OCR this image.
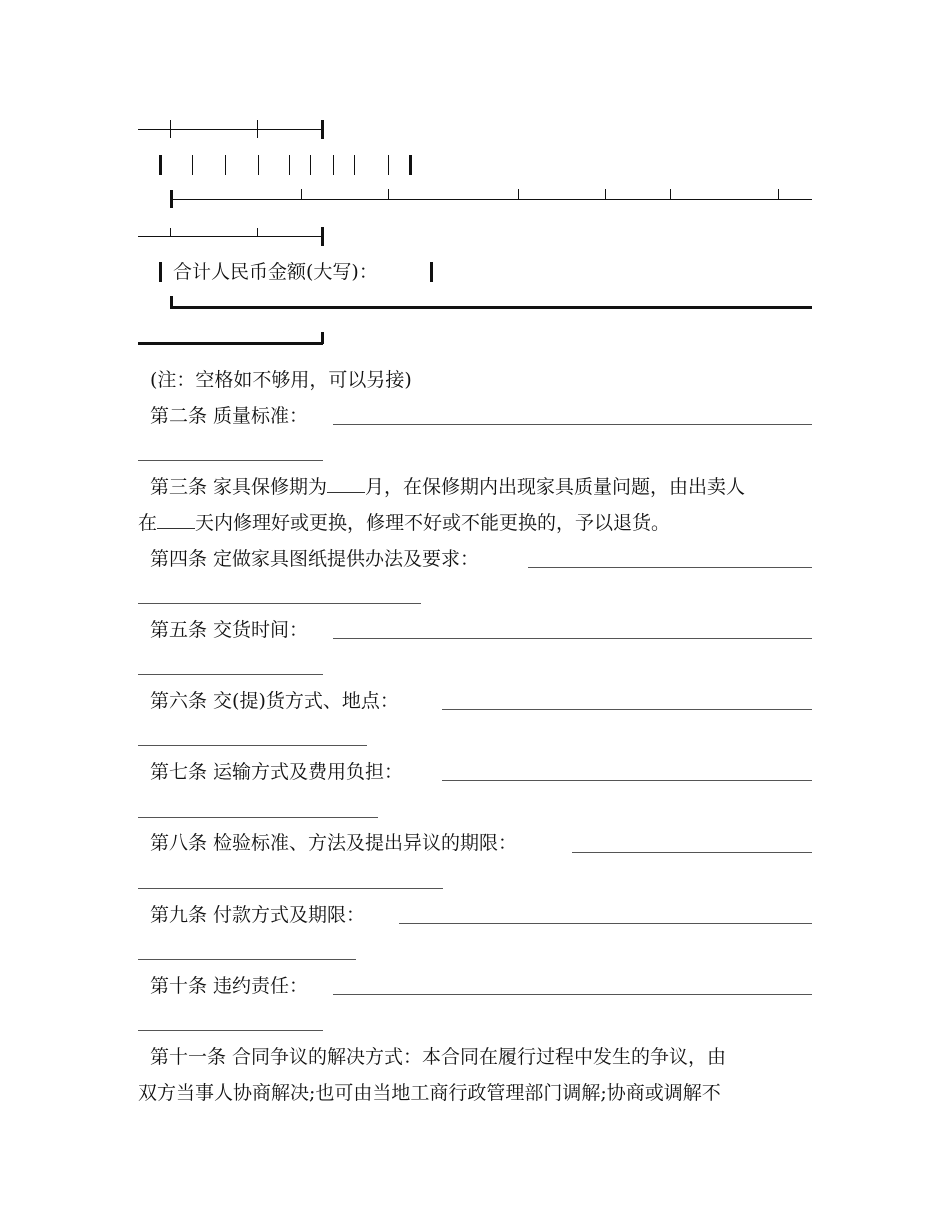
合计人民币金额(大写)：
(注：空格如不够用，可以另接)
第二条 质量标准：
第三条 家具保修期为 月，在保修期内出现家具质量问题，由出卖人
在 天内修理好或更换，修理不好或不能更换的，予以退货。
第四条 定做家具图纸提供办法及要求：
第五条 交货时间：
第六条 交(提)货方式、地点：
第七条 运输方式及费用负担：
第八条 检验标准、方法及提出异议的期限：
第九条 付款方式及期限：
第十条 违约责任：
第十一条 合同争议的解决方式：本合同在履行过程中发生的争议，由
双方当事人协商解决;也可由当地工商行政管理部门调解;协商或调解不
